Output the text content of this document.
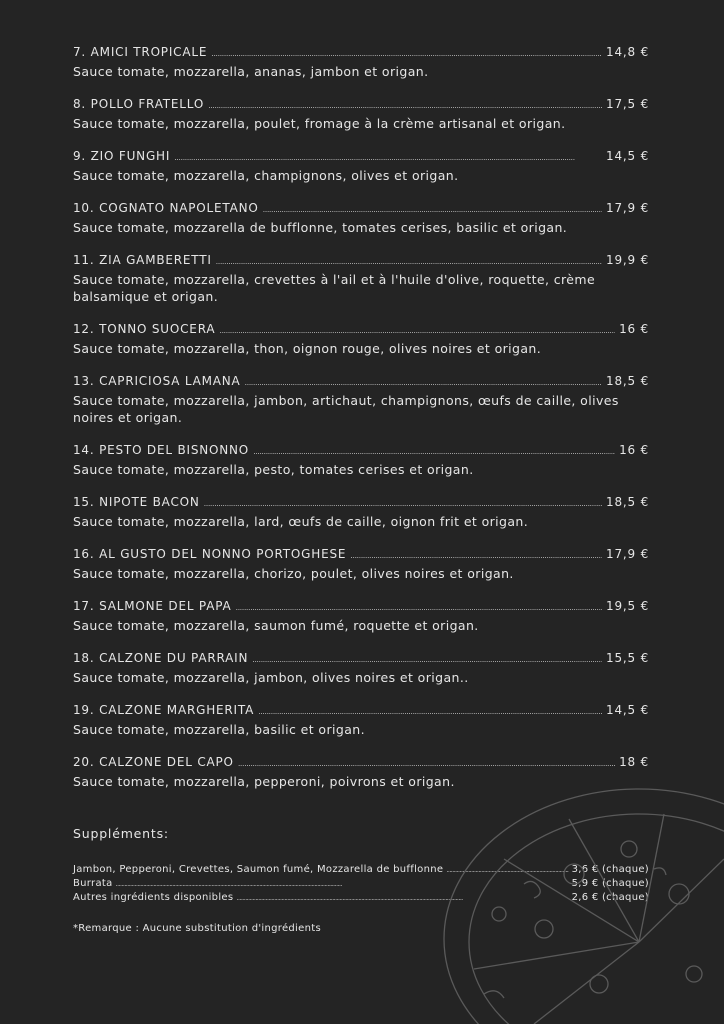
7. AMICI TROPICALE . . .	14,8 €
Sauce tomate, mozzarella, ananas, jambon et origan.
8. POLLO FRATELLO . . .	17,5 €
Sauce tomate, mozzarella, poulet, fromage à la crème artisanal et origan.
9. ZIO FUNGHI . . .	14,5 €
Sauce tomate, mozzarella, champignons, olives et origan.
10. COGNATO NAPOLETANO . . .	17,9 €
Sauce tomate, mozzarella de bufflonne, tomates cerises, basilic et origan.
11. ZIA GAMBERETTI . . .	19,9 €
Sauce tomate, mozzarella, crevettes à l'ail et à l'huile d'olive, roquette, crème balsamique et origan.
12. TONNO SUOCERA . . .	16 €
Sauce tomate, mozzarella, thon, oignon rouge, olives noires et origan.
13. CAPRICIOSA LAMANA . . .	18,5 €
Sauce tomate, mozzarella, jambon, artichaut, champignons, œufs de caille, olives noires et origan.
14. PESTO DEL BISNONNO . . .	16 €
Sauce tomate, mozzarella, pesto, tomates cerises et origan.
15. NIPOTE BACON . . .	18,5 €
Sauce tomate, mozzarella, lard, œufs de caille, oignon frit et origan.
16. AL GUSTO DEL NONNO PORTOGHESE . . .	17,9 €
Sauce tomate, mozzarella, chorizo, poulet, olives noires et origan.
17. SALMONE DEL PAPA . . .	19,5 €
Sauce tomate, mozzarella, saumon fumé, roquette et origan.
18. CALZONE DU PARRAIN . . .	15,5 €
Sauce tomate, mozzarella, jambon, olives noires et origan..
19. CALZONE MARGHERITA . . .	14,5 €
Sauce tomate, mozzarella, basilic et origan.
20. CALZONE DEL CAPO . . .	18 €
Sauce tomate, mozzarella, pepperoni, poivrons et origan.
Suppléments:
Jambon, Pepperoni, Crevettes, Saumon fumé, Mozzarella de bufflonne . . .	3,6 € (chaque)
Burrata . . .	5,9 € (chaque)
Autres ingrédients disponibles . . .	2,6 € (chaque)
*Remarque : Aucune substitution d'ingrédients
